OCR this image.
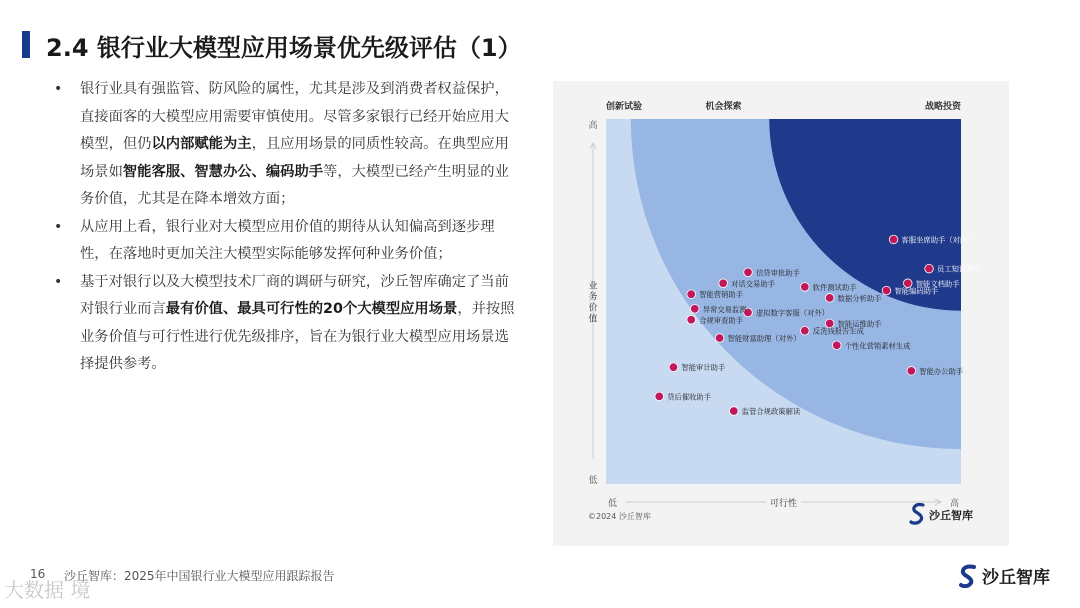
2.4 银行业大模型应用场景优先级评估（1）
• 银行业具有强监管、防风险的属性，尤其是涉及到消费者权益保护，直接面客的大模型应用需要审慎使用。尽管多家银行已经开始应用大模型，但仍以内部赋能为主，且应用场景的同质性较高。在典型应用场景如智能客服、智慧办公、编码助手等，大模型已经产生明显的业务价值，尤其是在降本增效方面；
• 从应用上看，银行业对大模型应用价值的期待从认知偏高到逐步理性，在落地时更加关注大模型实际能够发挥何种业务价值；
• 基于对银行以及大模型技术厂商的调研与研究，沙丘智库确定了当前对银行业而言最有价值、最具可行性的20个大模型应用场景，并按照业务价值与可行性进行优先级排序，旨在为银行业大模型应用场景选择提供参考。
创新试验	机会探索	战略投资
高
低
业
务
价
值
低	高
可行性
客服坐席助手（对内）
员工知识助手
智能文档助手
智能编码助手
信贷审批助手
软件测试助手
数据分析助手
虚拟数字客服（对外）
智能运维助手
反洗钱报告生成
个性化营销素材生成
智能办公助手
对话交易助手
智能营销助手
异常交易监测
合规审查助手
智能财富助理（对外）
智能审计助手
贷后催收助手
监管合规政策解读
©2024 沙丘智库	沙丘智库
大数据 境
16 沙丘智库：2025年中国银行业大模型应用跟踪报告	沙丘智库
